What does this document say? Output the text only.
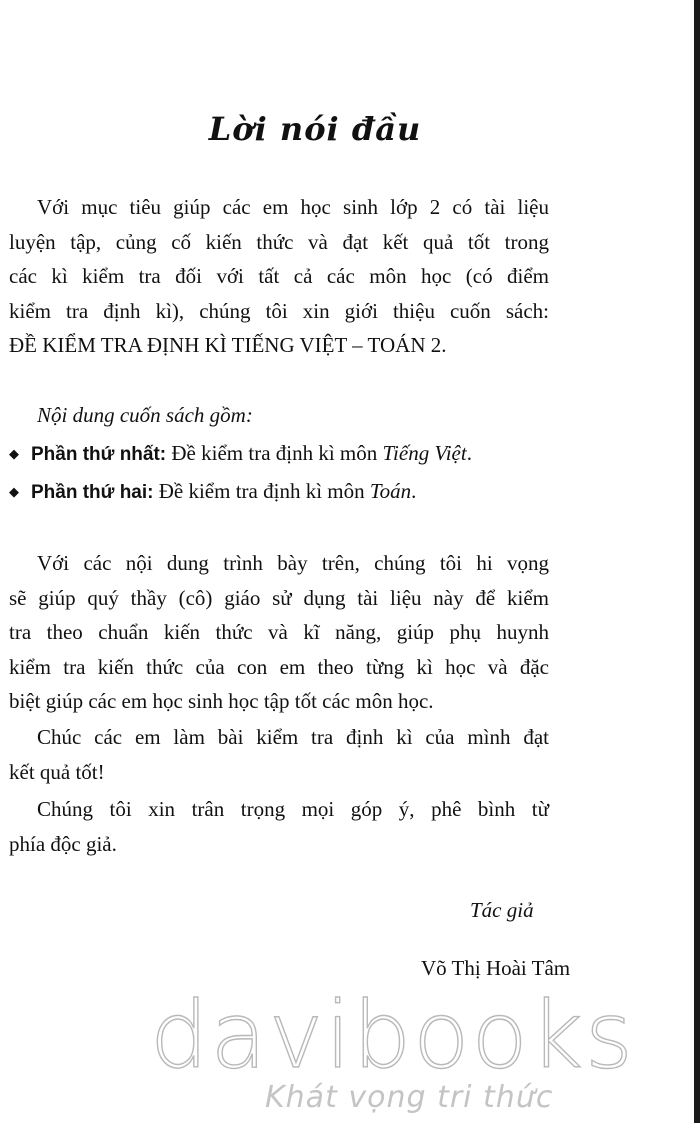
Lời nói đầu
Với mục tiêu giúp các em học sinh lớp 2 có tài liệu
luyện tập, củng cố kiến thức và đạt kết quả tốt trong
các kì kiểm tra đối với tất cả các môn học (có điểm
kiểm tra định kì), chúng tôi xin giới thiệu cuốn sách:
ĐỀ KIỂM TRA ĐỊNH KÌ TIẾNG VIỆT – TOÁN 2.
Nội dung cuốn sách gồm:
◆ Phần thứ nhất: Đề kiểm tra định kì môn Tiếng Việt.
◆ Phần thứ hai: Đề kiểm tra định kì môn Toán.
Với các nội dung trình bày trên, chúng tôi hi vọng
sẽ giúp quý thầy (cô) giáo sử dụng tài liệu này để kiểm
tra theo chuẩn kiến thức và kĩ năng, giúp phụ huynh
kiểm tra kiến thức của con em theo từng kì học và đặc
biệt giúp các em học sinh học tập tốt các môn học.
Chúc các em làm bài kiểm tra định kì của mình đạt
kết quả tốt!
Chúng tôi xin trân trọng mọi góp ý, phê bình từ
phía độc giả.
Tác giả
Võ Thị Hoài Tâm
davibooks
Khát vọng tri thức
